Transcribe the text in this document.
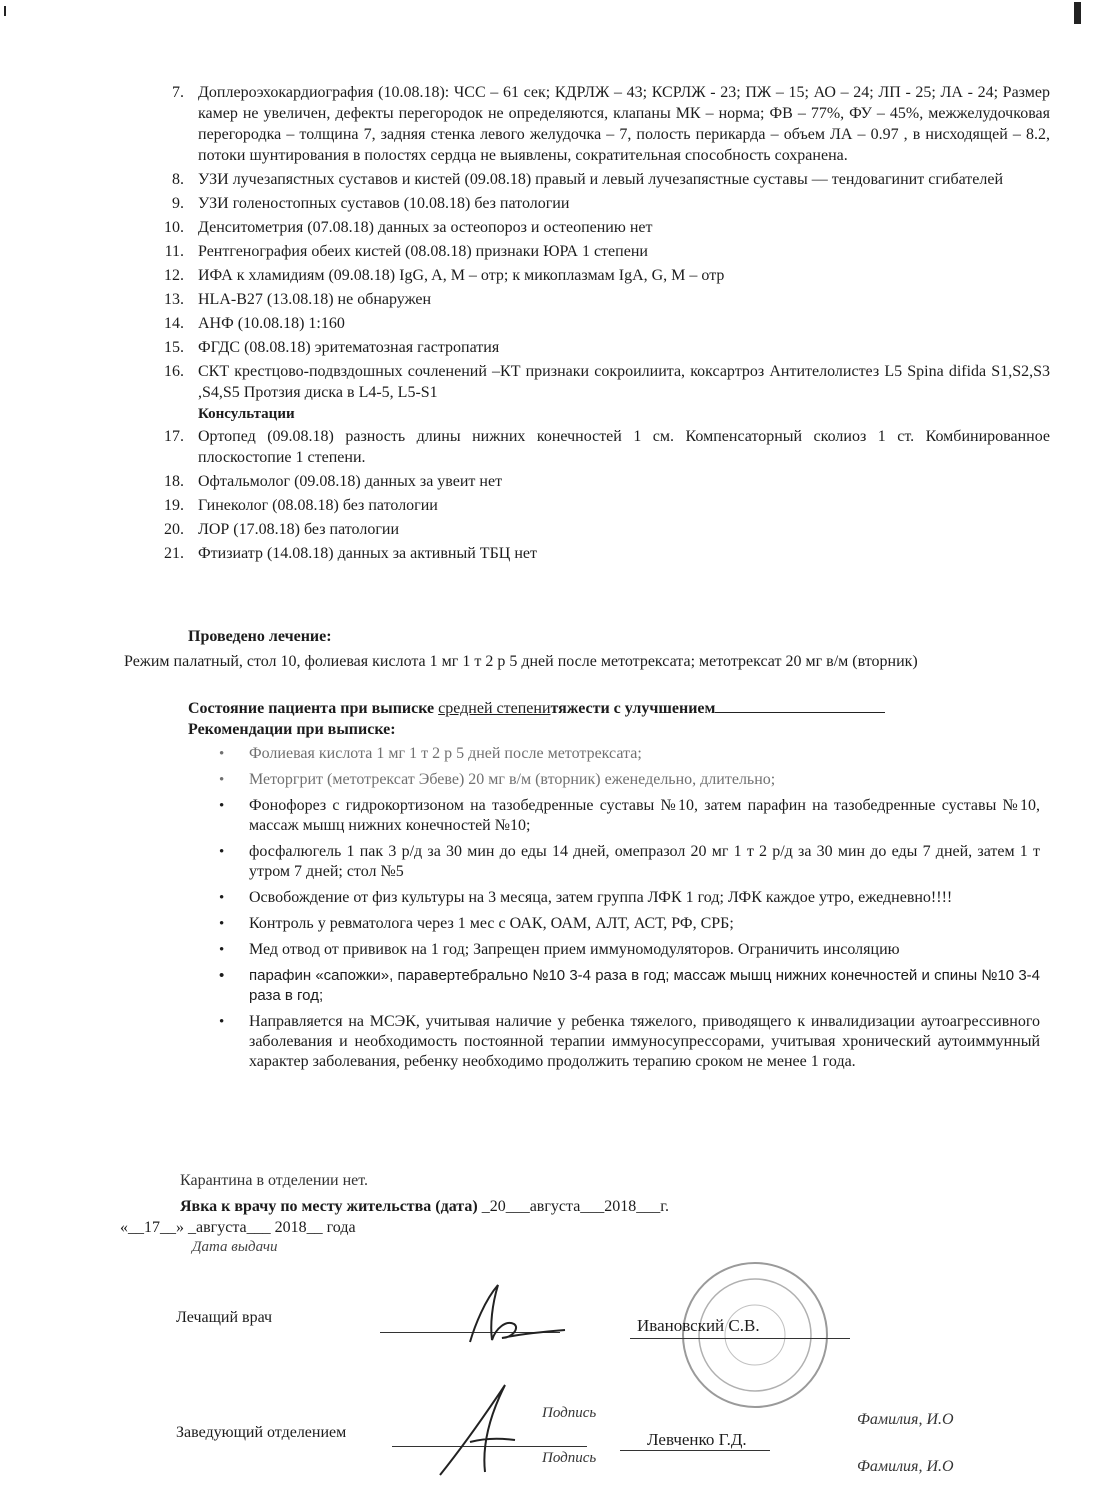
7. Доплероэхокардиография (10.08.18): ЧСС – 61 сек; КДРЛЖ – 43; КСРЛЖ - 23; ПЖ – 15; АО – 24; ЛП - 25; ЛА - 24; Размер камер не увеличен, дефекты перегородок не определяются, клапаны МК – норма; ФВ – 77%, ФУ – 45%, межжелудочковая перегородка – толщина 7, задняя стенка левого желудочка – 7, полость перикарда – объем ЛА – 0.97 , в нисходящей – 8.2, потоки шунтирования в полостях сердца не выявлены, сократительная способность сохранена.
8. УЗИ лучезапястных суставов и кистей (09.08.18) правый и левый лучезапястные суставы — тендовагинит сгибателей
9. УЗИ голеностопных суставов (10.08.18) без патологии
10. Денситометрия (07.08.18) данных за остеопороз и остеопению нет
11. Рентгенография обеих кистей (08.08.18) признаки ЮРА 1 степени
12. ИФА к хламидиям (09.08.18) IgG, A, M – отр; к микоплазмам IgA, G, M – отр
13. HLA-B27 (13.08.18) не обнаружен
14. АНФ (10.08.18) 1:160
15. ФГДС (08.08.18) эритематозная гастропатия
16. СКТ крестцово-подвздошных сочленений –КТ признаки сокроилиита, коксартроз Антителолистез L5 Spina difida S1,S2,S3 ,S4,S5 Протзия диска в L4-5, L5-S1
Консультации
17. Ортопед (09.08.18) разность длины нижних конечностей 1 см. Компенсаторный сколиоз 1 ст. Комбинированное плоскостопие 1 степени.
18. Офтальмолог (09.08.18) данных за увеит нет
19. Гинеколог (08.08.18) без патологии
20. ЛОР (17.08.18) без патологии
21. Фтизиатр (14.08.18) данных за активный ТБЦ нет
Проведено лечение:
Режим палатный, стол 10, фолиевая кислота 1 мг 1 т 2 р 5 дней после метотрексата; метотрексат 20 мг в/м (вторник)
Состояние пациента при выписке средней степенитяжести с улучшением
Рекомендации при выписке:
• Фолиевая кислота 1 мг 1 т 2 р 5 дней после метотрексата;
• Меторгрит (метотрексат Эбеве) 20 мг в/м (вторник) еженедельно, длительно;
• Фонофорез с гидрокортизоном на тазобедренные суставы №10, затем парафин на тазобедренные суставы №10, массаж мышц нижних конечностей №10;
• фосфалюгель 1 пак 3 р/д за 30 мин до еды 14 дней, омепразол 20 мг 1 т 2 р/д за 30 мин до еды 7 дней, затем 1 т утром 7 дней; стол №5
• Освобождение от физ культуры на 3 месяца, затем группа ЛФК 1 год; ЛФК каждое утро, ежедневно!!!!
• Контроль у ревматолога через 1 мес с ОАК, ОАМ, АЛТ, АСТ, РФ, СРБ;
• Мед отвод от прививок на 1 год; Запрещен прием иммуномодуляторов. Ограничить инсоляцию
• парафин «сапожки», паравертебрально №10 3-4 раза в год; массаж мышц нижних конечностей и спины №10 3-4 раза в год;
• Направляется на МСЭК, учитывая наличие у ребенка тяжелого, приводящего к инвалидизации аутоагрессивного заболевания и необходимость постоянной терапии иммуносупрессорами, учитывая хронический аутоиммунный характер заболевания, ребенку необходимо продолжить терапию сроком не менее 1 года.
Карантина в отделении нет.
Явка к врачу по месту жительства (дата) _20___августа___2018___г.
«__17__» _августа___ 2018__ года
Дата выдачи
Лечащий врач	Ивановский С.В.
Подпись	Фамилия, И.О
Заведующий отделением	Левченко Г.Д.
Подпись	Фамилия, И.О
